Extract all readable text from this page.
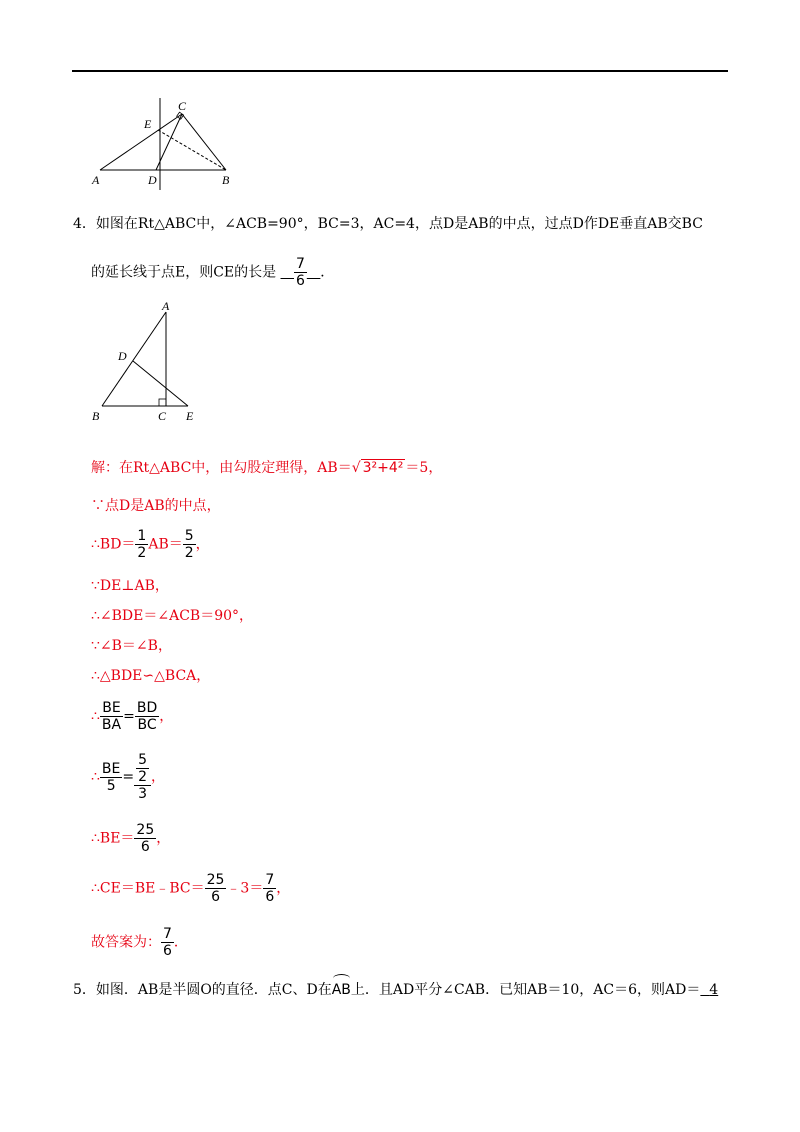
A	D	B
E
C
4．如图在Rt△ABC中，∠ACB=90°，BC=3，AC=4，点D是AB的中点，过点D作DE垂直AB交BC
的延长线于点E，则CE的长是 $\frac{7}{6}$ ．
A
D
B	C E
解：在Rt△ABC中，由勾股定理得，AB＝√ 3²+4² ＝5，
∵点D是AB的中点，
∴BD＝ $\frac{1}{2} AB= \frac{5}{2}$ ，
∵DE⊥AB，
∴∠BDE＝∠ACB＝90°，
∵∠B＝∠B，
∴△BDE∽△BCA，
∴ $\frac{BE}{BA} = \frac{BD}{BC}$ ，
∴ $\frac{BE}{5} = \frac{\frac{5}{2}}{3}$ ，
∴BE＝ $\frac{25}{6}$ ，
∴CE＝BE﹣BC＝ $\frac{25}{6}$ ﹣3＝ $\frac{7}{6}$ ，
故答案为： $\frac{7}{6}$ ．
5．如图．AB是半圆O的直径．点C、D在AB上．且AD平分∠CAB．已知AB＝10，AC＝6，则AD＝ 4
